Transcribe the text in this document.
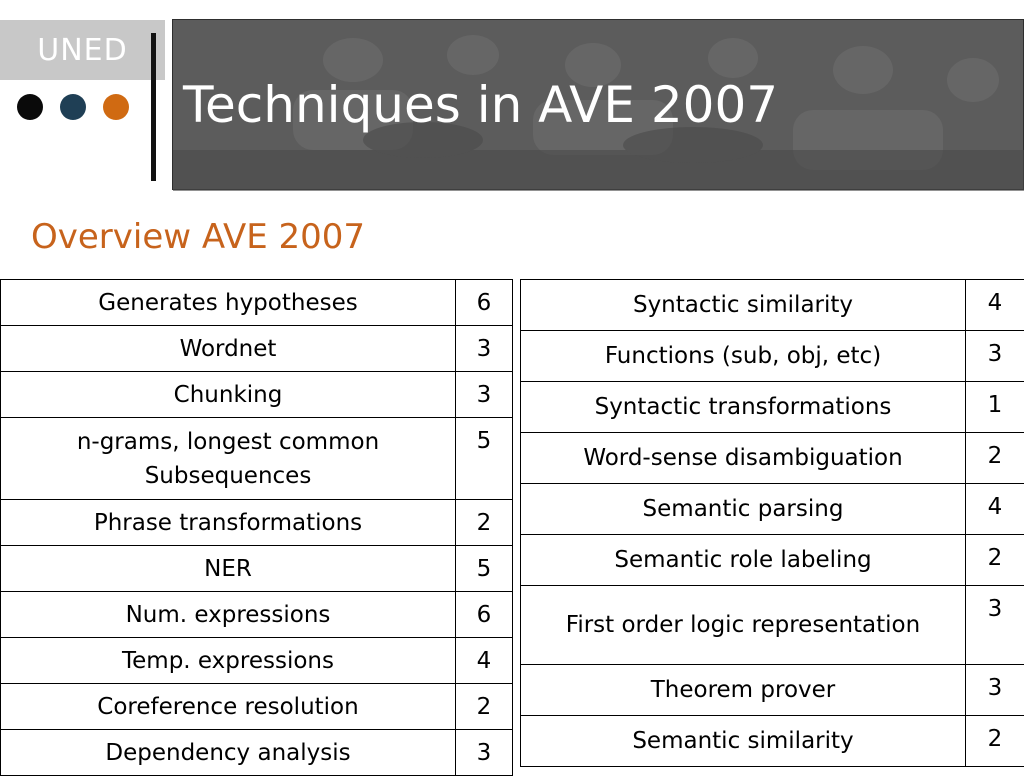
UNED
Techniques in AVE 2007
Overview AVE 2007
Generates hypotheses	6
Wordnet	3
Chunking	3
n-grams, longest common Subsequences	5
Phrase transformations	2
NER	5
Num. expressions	6
Temp. expressions	4
Coreference resolution	2
Dependency analysis	3
Syntactic similarity	4
Functions (sub, obj, etc)	3
Syntactic transformations	1
Word-sense disambiguation	2
Semantic parsing	4
Semantic role labeling	2
First order logic representation	3
Theorem prover	3
Semantic similarity	2
